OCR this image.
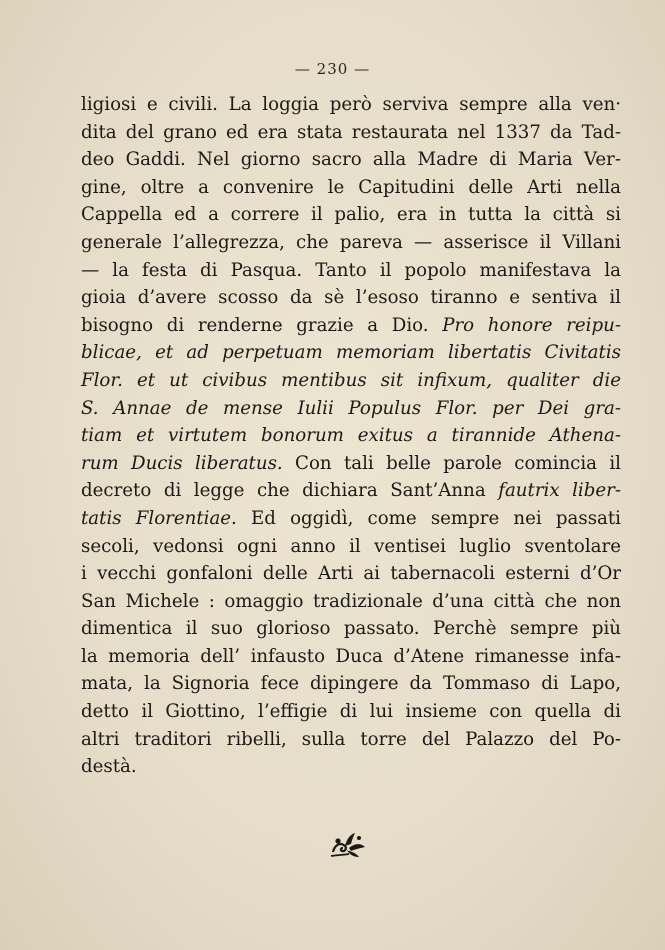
— 230 —
ligiosi e civili. La loggia però serviva sempre alla ven·
dita del grano ed era stata restaurata nel 1337 da Tad-
deo Gaddi. Nel giorno sacro alla Madre di Maria Ver-
gine, oltre a convenire le Capitudini delle Arti nella
Cappella ed a correre il palio, era in tutta la città si
generale l’allegrezza, che pareva — asserisce il Villani
— la festa di Pasqua. Tanto il popolo manifestava la
gioia d’avere scosso da sè l’esoso tiranno e sentiva il
bisogno di renderne grazie a Dio. Pro honore reipu-
blicae, et ad perpetuam memoriam libertatis Civitatis
Flor. et ut civibus mentibus sit infixum, qualiter die
S. Annae de mense Iulii Populus Flor. per Dei gra-
tiam et virtutem bonorum exitus a tirannide Athena-
rum Ducis liberatus. Con tali belle parole comincia il
decreto di legge che dichiara Sant’Anna fautrix liber-
tatis Florentiae. Ed oggidì, come sempre nei passati
secoli, vedonsi ogni anno il ventisei luglio sventolare
i vecchi gonfaloni delle Arti ai tabernacoli esterni d’Or
San Michele : omaggio tradizionale d’una città che non
dimentica il suo glorioso passato. Perchè sempre più
la memoria dell’ infausto Duca d’Atene rimanesse infa-
mata, la Signoria fece dipingere da Tommaso di Lapo,
detto il Giottino, l’effigie di lui insieme con quella di
altri traditori ribelli, sulla torre del Palazzo del Po-
destà.
